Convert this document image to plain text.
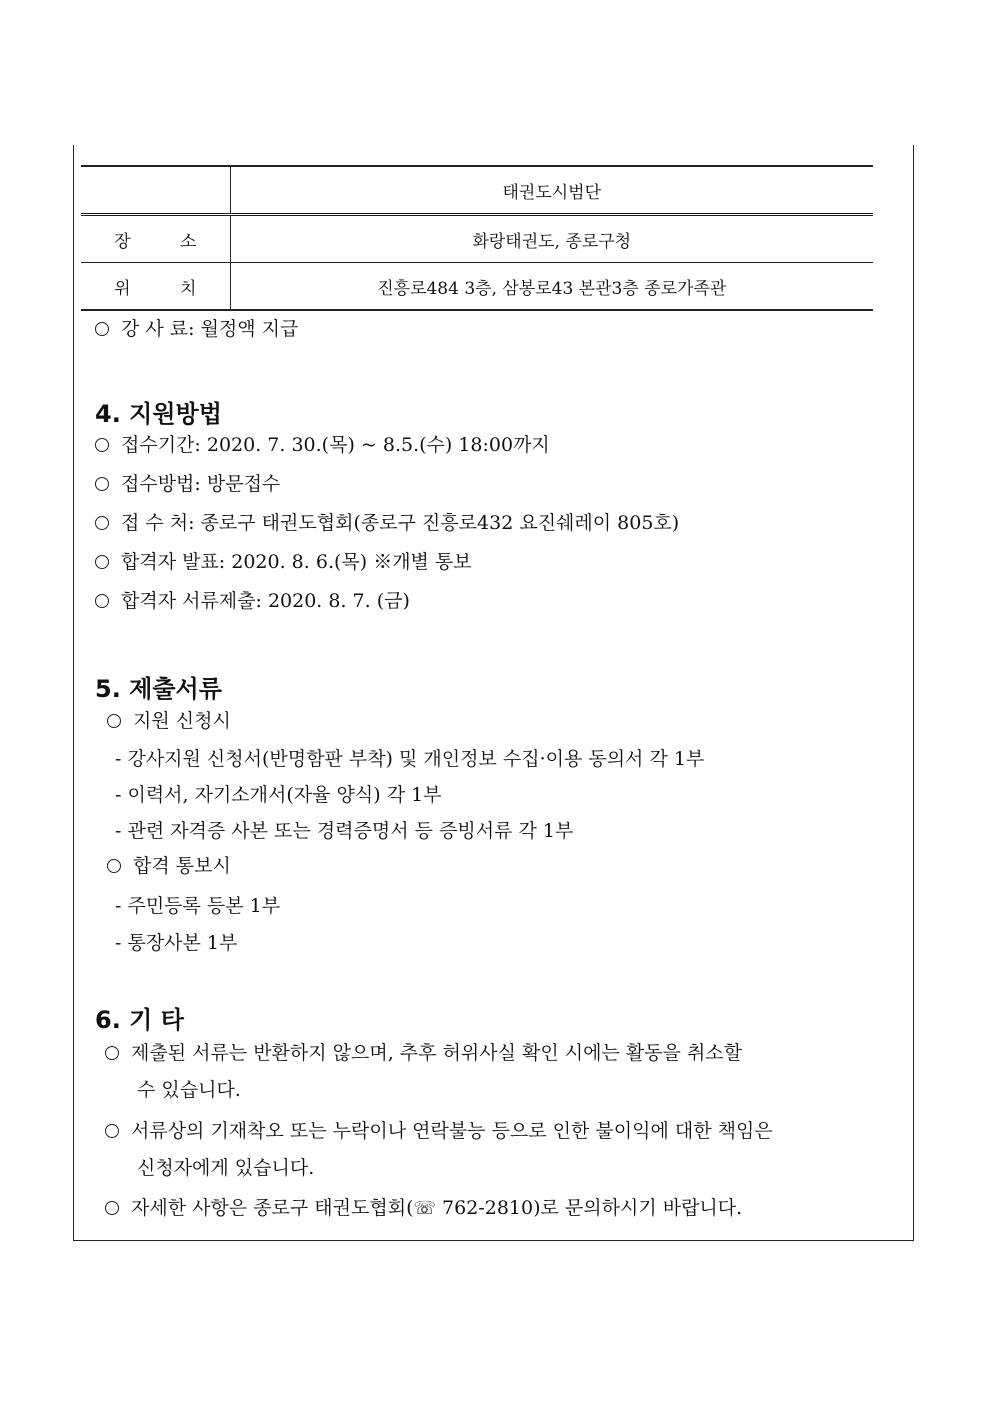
	태권도시범단
장 소	화랑태권도, 종로구청
위 치	진흥로484 3층, 삼봉로43 본관3층 종로가족관
강 사 료: 월정액 지급
4. 지원방법
접수기간: 2020. 7. 30.(목) ~ 8.5.(수) 18:00까지
접수방법: 방문접수
접 수 처: 종로구 태권도협회(종로구 진흥로432 요진쉐레이 805호)
합격자 발표: 2020. 8. 6.(목) ※개별 통보
합격자 서류제출: 2020. 8. 7. (금)
5. 제출서류
지원 신청시
- 강사지원 신청서(반명함판 부착) 및 개인정보 수집·이용 동의서 각 1부
- 이력서, 자기소개서(자율 양식) 각 1부
- 관련 자격증 사본 또는 경력증명서 등 증빙서류 각 1부
합격 통보시
- 주민등록 등본 1부
- 통장사본 1부
6. 기 타
제출된 서류는 반환하지 않으며, 추후 허위사실 확인 시에는 활동을 취소할
수 있습니다.
서류상의 기재착오 또는 누락이나 연락불능 등으로 인한 불이익에 대한 책임은
신청자에게 있습니다.
자세한 사항은 종로구 태권도협회(☏ 762-2810)로 문의하시기 바랍니다.
